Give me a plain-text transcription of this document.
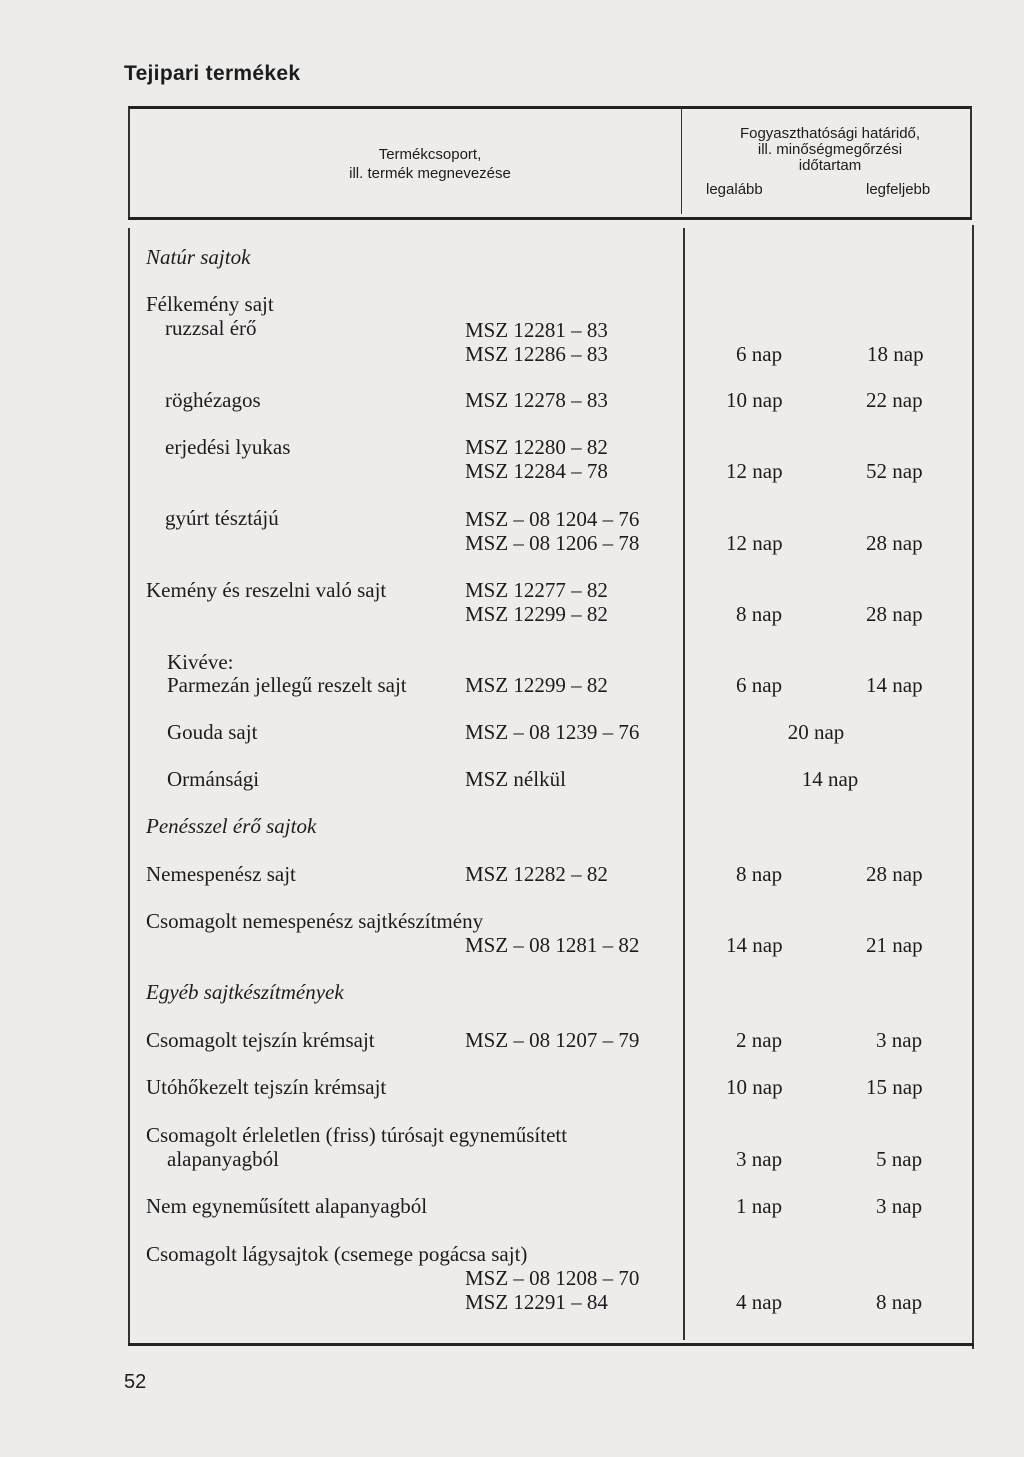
Tejipari termékek
Termékcsoport,
ill. termék megnevezése
Fogyaszthatósági határidő,
ill. minőségmegőrzési
időtartam
legalább	legfeljebb
Natúr sajtok
Félkemény sajt
ruzzsal érő	MSZ 12281 – 83
MSZ 12286 – 83	6 nap	18 nap
röghézagos	MSZ 12278 – 83	10 nap	22 nap
erjedési lyukas	MSZ 12280 – 82
MSZ 12284 – 78	12 nap	52 nap
gyúrt tésztájú	MSZ – 08 1204 – 76
MSZ – 08 1206 – 78	12 nap	28 nap
Kemény és reszelni való sajt	MSZ 12277 – 82
MSZ 12299 – 82	8 nap	28 nap
Kivéve:
Parmezán jellegű reszelt sajt	MSZ 12299 – 82	6 nap	14 nap
Gouda sajt	MSZ – 08 1239 – 76	20 nap
Ormánsági	MSZ nélkül	14 nap
Penésszel érő sajtok
Nemespenész sajt	MSZ 12282 – 82	8 nap	28 nap
Csomagolt nemespenész sajtkészítmény
MSZ – 08 1281 – 82	14 nap	21 nap
Egyéb sajtkészítmények
Csomagolt tejszín krémsajt	MSZ – 08 1207 – 79	2 nap	3 nap
Utóhőkezelt tejszín krémsajt	10 nap	15 nap
Csomagolt érleletlen (friss) túrósajt egyneműsített
alapanyagból	3 nap	5 nap
Nem egyneműsített alapanyagból	1 nap	3 nap
Csomagolt lágysajtok (csemege pogácsa sajt)
MSZ – 08 1208 – 70
MSZ 12291 – 84	4 nap	8 nap
52
